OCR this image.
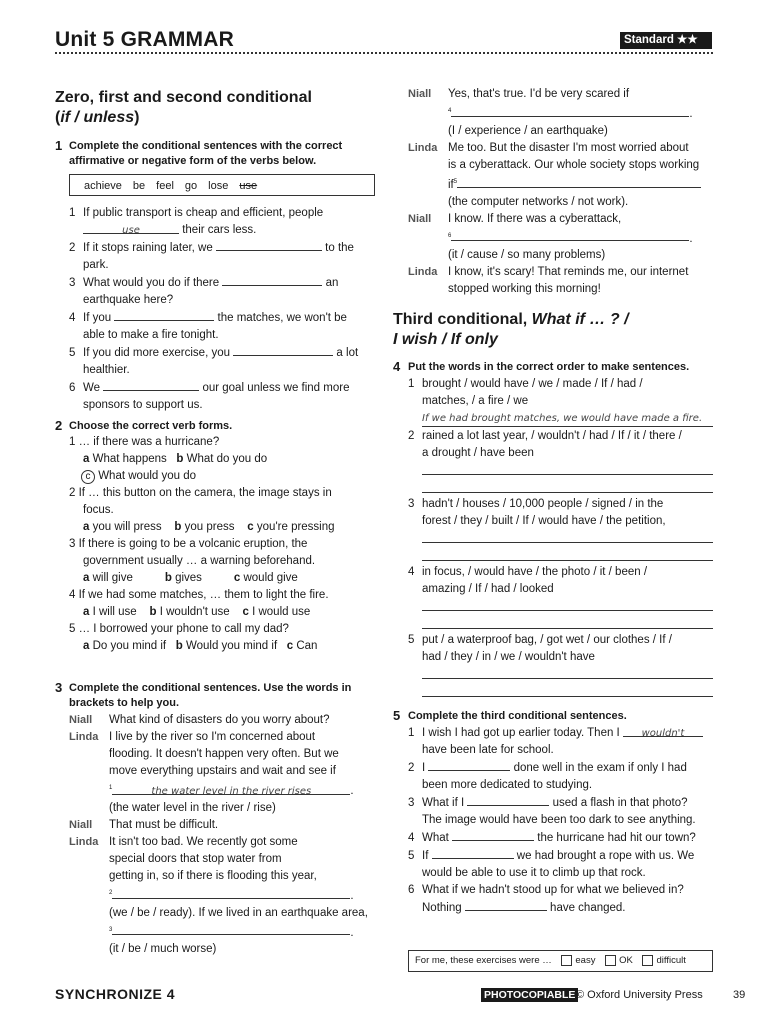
Unit 5 GRAMMAR	Standard ★★
Zero, first and second conditional
(if / unless)
1 Complete the conditional sentences with the correct
affirmative or negative form of the verbs below.
achieve be feel go lose use
1 If public transport is cheap and efficient, people
use	their cars less.
2 If it stops raining later, we	to the
park.
3 What would you do if there	an
earthquake here?
4 If you	the matches, we won't be
able to make a fire tonight.
5 If you did more exercise, you	a lot
healthier.
6 We	our goal unless we find more
sponsors to support us.
2 Choose the correct verb forms.
1 … if there was a hurricane?
a What happens b What do you do
c What would you do
2 If … this button on the camera, the image stays in
focus.
a you will press b you press c you're pressing
3 If there is going to be a volcanic eruption, the
government usually … a warning beforehand.
a will give	b gives	c would give
4 If we had some matches, … them to light the fire.
a I will use b I wouldn't use c I would use
5 … I borrowed your phone to call my dad?
a Do you mind if b Would you mind if c Can
3 Complete the conditional sentences. Use the words in
brackets to help you.
Niall What kind of disasters do you worry about?
Linda I live by the river so I'm concerned about
flooding. It doesn't happen very often. But we
move everything upstairs and wait and see if
$^1$	the water level in the river rises	.
(the water level in the river / rise)
Niall That must be difficult.
Linda It isn't too bad. We recently got some
special doors that stop water from
getting in, so if there is flooding this year,
$^2$	.
(we / be / ready). If we lived in an earthquake area,
$^3$	.
(it / be / much worse)
Niall	Yes, that's true. I'd be very scared if
$^4$	.
(I / experience / an earthquake)
Linda Me too. But the disaster I'm most worried about
is a cyberattack. Our whole society stops working
$if^5$
(the computer networks / not work).
Niall	I know. If there was a cyberattack,
$^6$	.
(it / cause / so many problems)
Linda I know, it's scary! That reminds me, our internet
stopped working this morning!
Third conditional, What if … ? /
I wish / If only
4 Put the words in the correct order to make sentences.
1 brought / would have / we / made / If / had /
matches, / a fire / we
If we had brought matches, we would have made a fire.
2 rained a lot last year, / wouldn't / had / If / it / there /
a drought / have been
3 hadn't / houses / 10,000 people / signed / in the
forest / they / built / If / would have / the petition,
4 in focus, / would have / the photo / it / been /
amazing / If / had / looked
5 put / a waterproof bag, / got wet / our clothes / If /
had / they / in / we / wouldn't have
5 Complete the third conditional sentences.
1 I wish I had got up earlier today. Then I wouldn't
have been late for school.
2 I	done well in the exam if only I had
been more dedicated to studying.
3 What if I	used a flash in that photo?
The image would have been too dark to see anything.
4 What	the hurricane had hit our town?
5 If	we had brought a rope with us. We
would be able to use it to climb up that rock.
6 What if we hadn't stood up for what we believed in?
Nothing	have changed.
For me, these exercises were … easy OK difficult
SYNCHRONIZE 4	PHOTOCOPIABLE © Oxford University Press	39
